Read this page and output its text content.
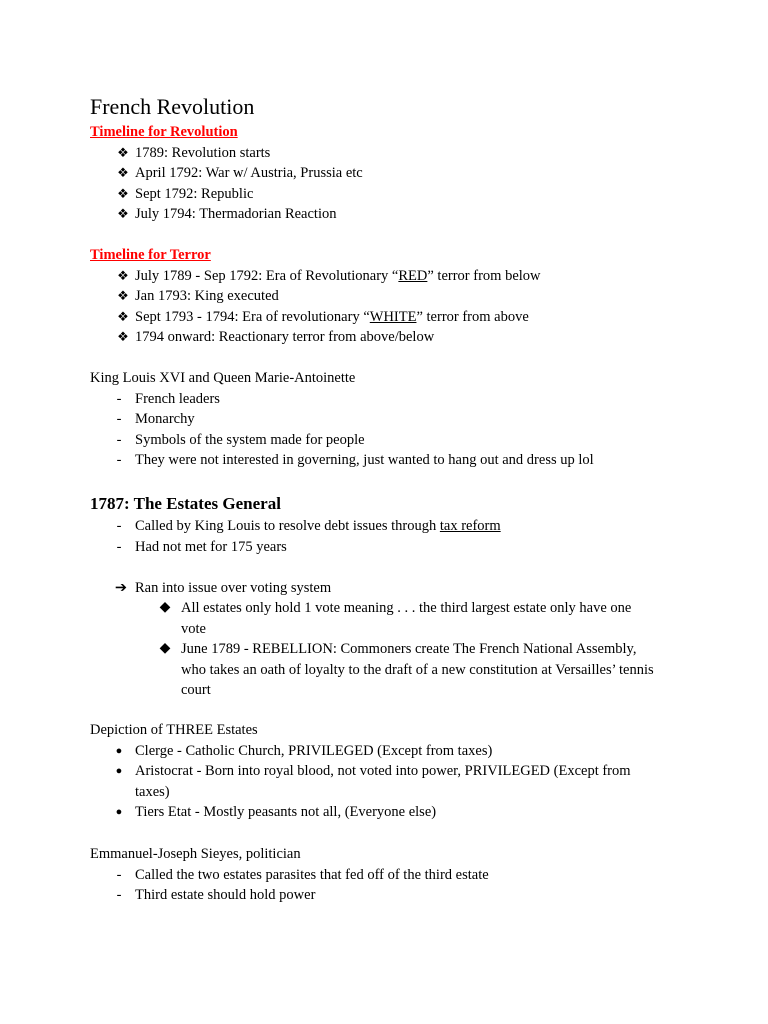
French Revolution
Timeline for Revolution
❖ 1789: Revolution starts
❖ April 1792: War w/ Austria, Prussia etc
❖ Sept 1792: Republic
❖ July 1794: Thermadorian Reaction
Timeline for Terror
❖ July 1789 - Sep 1792: Era of Revolutionary “RED” terror from below
❖ Jan 1793: King executed
❖ Sept 1793 - 1794: Era of revolutionary “WHITE” terror from above
❖ 1794 onward: Reactionary terror from above/below
King Louis XVI and Queen Marie-Antoinette
- French leaders
- Monarchy
- Symbols of the system made for people
- They were not interested in governing, just wanted to hang out and dress up lol
1787: The Estates General
- Called by King Louis to resolve debt issues through tax reform
- Had not met for 175 years
➔ Ran into issue over voting system
◆ All estates only hold 1 vote meaning . . . the third largest estate only have one
vote
◆ June 1789 - REBELLION: Commoners create The French National Assembly,
who takes an oath of loyalty to the draft of a new constitution at Versailles’ tennis
court
Depiction of THREE Estates
● Clerge - Catholic Church, PRIVILEGED (Except from taxes)
● Aristocrat - Born into royal blood, not voted into power, PRIVILEGED (Except from
taxes)
● Tiers Etat - Mostly peasants not all, (Everyone else)
Emmanuel-Joseph Sieyes, politician
- Called the two estates parasites that fed off of the third estate
- Third estate should hold power
